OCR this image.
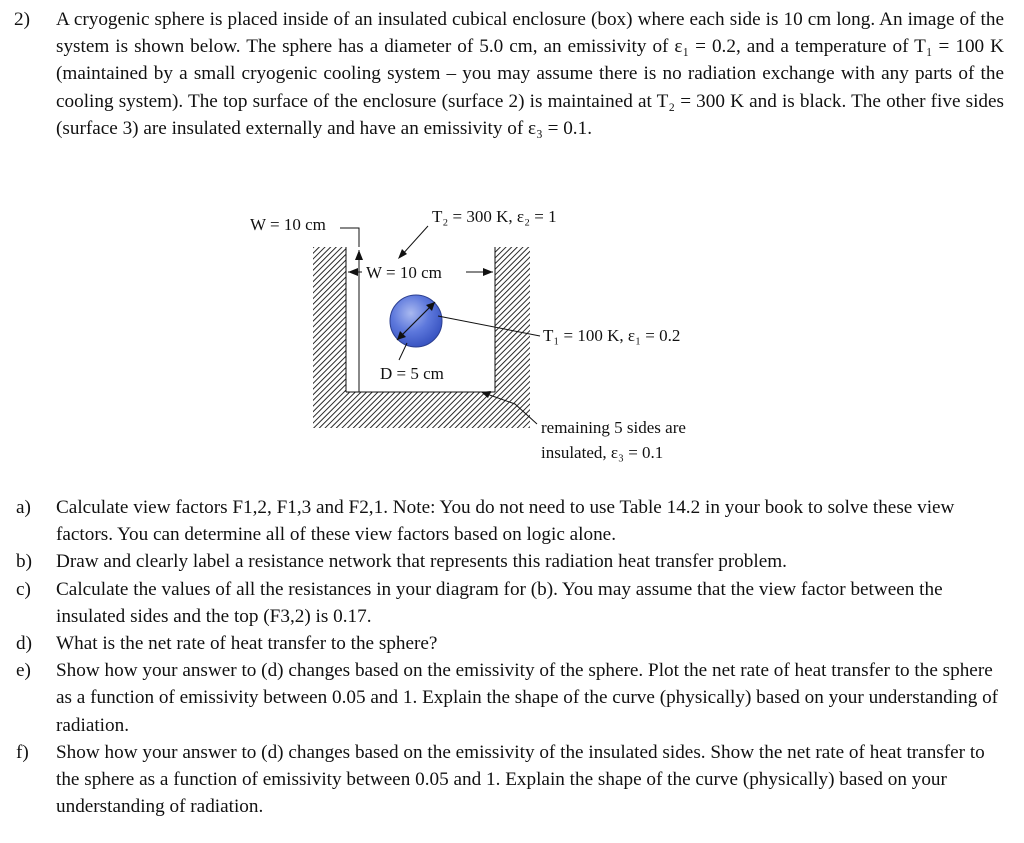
2) A cryogenic sphere is placed inside of an insulated cubical enclosure (box) where each side is 10 cm long. An image of the system is shown below. The sphere has a diameter of 5.0 cm, an emissivity of ε₁ = 0.2, and a temperature of T₁ = 100 K (maintained by a small cryogenic cooling system – you may assume there is no radiation exchange with any parts of the cooling system). The top surface of the enclosure (surface 2) is maintained at T₂ = 300 K and is black. The other five sides (surface 3) are insulated externally and have an emissivity of ε₃ = 0.1.
W = 10 cm
W = 10 cm
T₂ = 300 K, ε₂ = 1
D = 5 cm
T₁ = 100 K, ε₁ = 0.2
remaining 5 sides are
insulated, ε₃ = 0.1
a) Calculate view factors F1,2, F1,3 and F2,1. Note: You do not need to use Table 14.2 in your book to solve these view factors. You can determine all of these view factors based on logic alone.
b) Draw and clearly label a resistance network that represents this radiation heat transfer problem.
c) Calculate the values of all the resistances in your diagram for (b). You may assume that the view factor between the insulated sides and the top (F3,2) is 0.17.
d) What is the net rate of heat transfer to the sphere?
e) Show how your answer to (d) changes based on the emissivity of the sphere. Plot the net rate of heat transfer to the sphere as a function of emissivity between 0.05 and 1. Explain the shape of the curve (physically) based on your understanding of radiation.
f) Show how your answer to (d) changes based on the emissivity of the insulated sides. Show the net rate of heat transfer to the sphere as a function of emissivity between 0.05 and 1. Explain the shape of the curve (physically) based on your understanding of radiation.
